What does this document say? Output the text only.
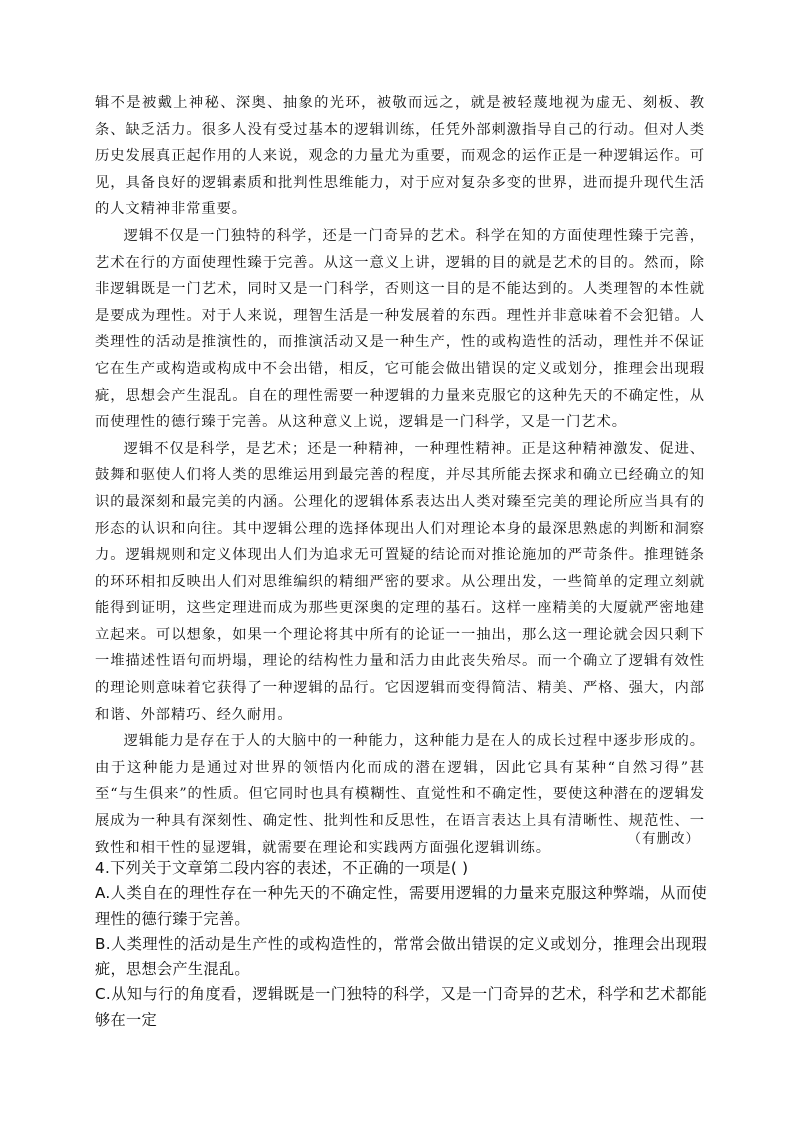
辑不是被戴上神秘、深奥、抽象的光环，被敬而远之，就是被轻蔑地视为虚无、刻板、教条、缺乏活力。很多人没有受过基本的逻辑训练，任凭外部刺激指导自己的行动。但对人类历史发展真正起作用的人来说，观念的力量尤为重要，而观念的运作正是一种逻辑运作。可见，具备良好的逻辑素质和批判性思维能力，对于应对复杂多变的世界，进而提升现代生活的人文精神非常重要。

逻辑不仅是一门独特的科学，还是一门奇异的艺术。科学在知的方面使理性臻于完善，艺术在行的方面使理性臻于完善。从这一意义上讲，逻辑的目的就是艺术的目的。然而，除非逻辑既是一门艺术，同时又是一门科学，否则这一目的是不能达到的。人类理智的本性就是要成为理性。对于人来说，理智生活是一种发展着的东西。理性并非意味着不会犯错。人类理性的活动是推演性的，而推演活动又是一种生产，性的或构造性的活动，理性并不保证它在生产或构造或构成中不会出错，相反，它可能会做出错误的定义或划分，推理会出现瑕疵，思想会产生混乱。自在的理性需要一种逻辑的力量来克服它的这种先天的不确定性，从而使理性的德行臻于完善。从这种意义上说，逻辑是一门科学，又是一门艺术。

逻辑不仅是科学，是艺术；还是一种精神，一种理性精神。正是这种精神激发、促进、鼓舞和驱使人们将人类的思维运用到最完善的程度，并尽其所能去探求和确立已经确立的知识的最深刻和最完美的内涵。公理化的逻辑体系表达出人类对臻至完美的理论所应当具有的形态的认识和向往。其中逻辑公理的选择体现出人们对理论本身的最深思熟虑的判断和洞察力。逻辑规则和定义体现出人们为追求无可置疑的结论而对推论施加的严苛条件。推理链条的环环相扣反映出人们对思维编织的精细严密的要求。从公理出发，一些简单的定理立刻就能得到证明，这些定理进而成为那些更深奥的定理的基石。这样一座精美的大厦就严密地建立起来。可以想象，如果一个理论将其中所有的论证一一抽出，那么这一理论就会因只剩下一堆描述性语句而坍塌，理论的结构性力量和活力由此丧失殆尽。而一个确立了逻辑有效性的理论则意味着它获得了一种逻辑的品行。它因逻辑而变得简洁、精美、严格、强大，内部和谐、外部精巧、经久耐用。

逻辑能力是存在于人的大脑中的一种能力，这种能力是在人的成长过程中逐步形成的。由于这种能力是通过对世界的领悟内化而成的潜在逻辑，因此它具有某种“自然习得”甚至“与生俱来”的性质。但它同时也具有模糊性、直觉性和不确定性，要使这种潜在的逻辑发展成为一种具有深刻性、确定性、批判性和反思性，在语言表达上具有清晰性、规范性、一致性和相干性的显逻辑，就需要在理论和实践两方面强化逻辑训练。

（有删改）

4.下列关于文章第二段内容的表述，不正确的一项是( )

A.人类自在的理性存在一种先天的不确定性，需要用逻辑的力量来克服这种弊端，从而使理性的德行臻于完善。

B.人类理性的活动是生产性的或构造性的，常常会做出错误的定义或划分，推理会出现瑕疵，思想会产生混乱。

C.从知与行的角度看，逻辑既是一门独特的科学，又是一门奇异的艺术，科学和艺术都能够在一定
